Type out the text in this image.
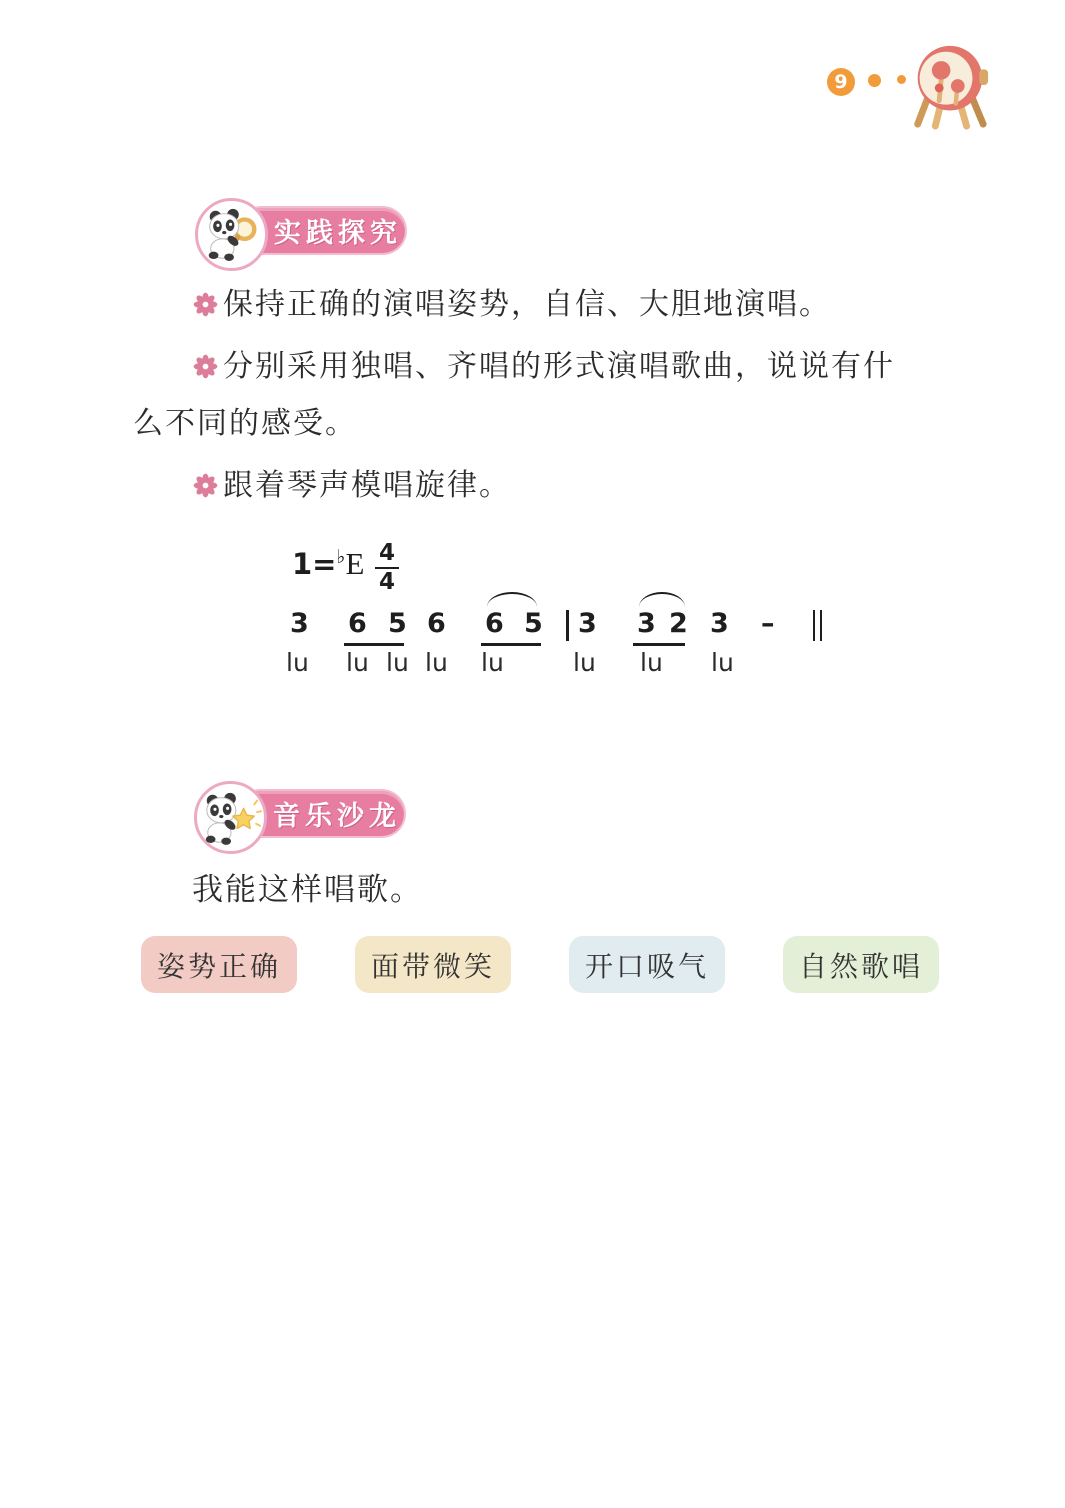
9
实践探究

保持正确的演唱姿势，自信、大胆地演唱。

分别采用独唱、齐唱的形式演唱歌曲，说说有什么不同的感受。

跟着琴声模唱旋律。

$1=^♭E \frac{4}{4}$
3 6 5 6 6 5 3 3 2 3 –
lu lu lu lu lu	lu lu lu
音乐沙龙
我能这样唱歌。
姿势正确	面带微笑	开口吸气	自然歌唱
